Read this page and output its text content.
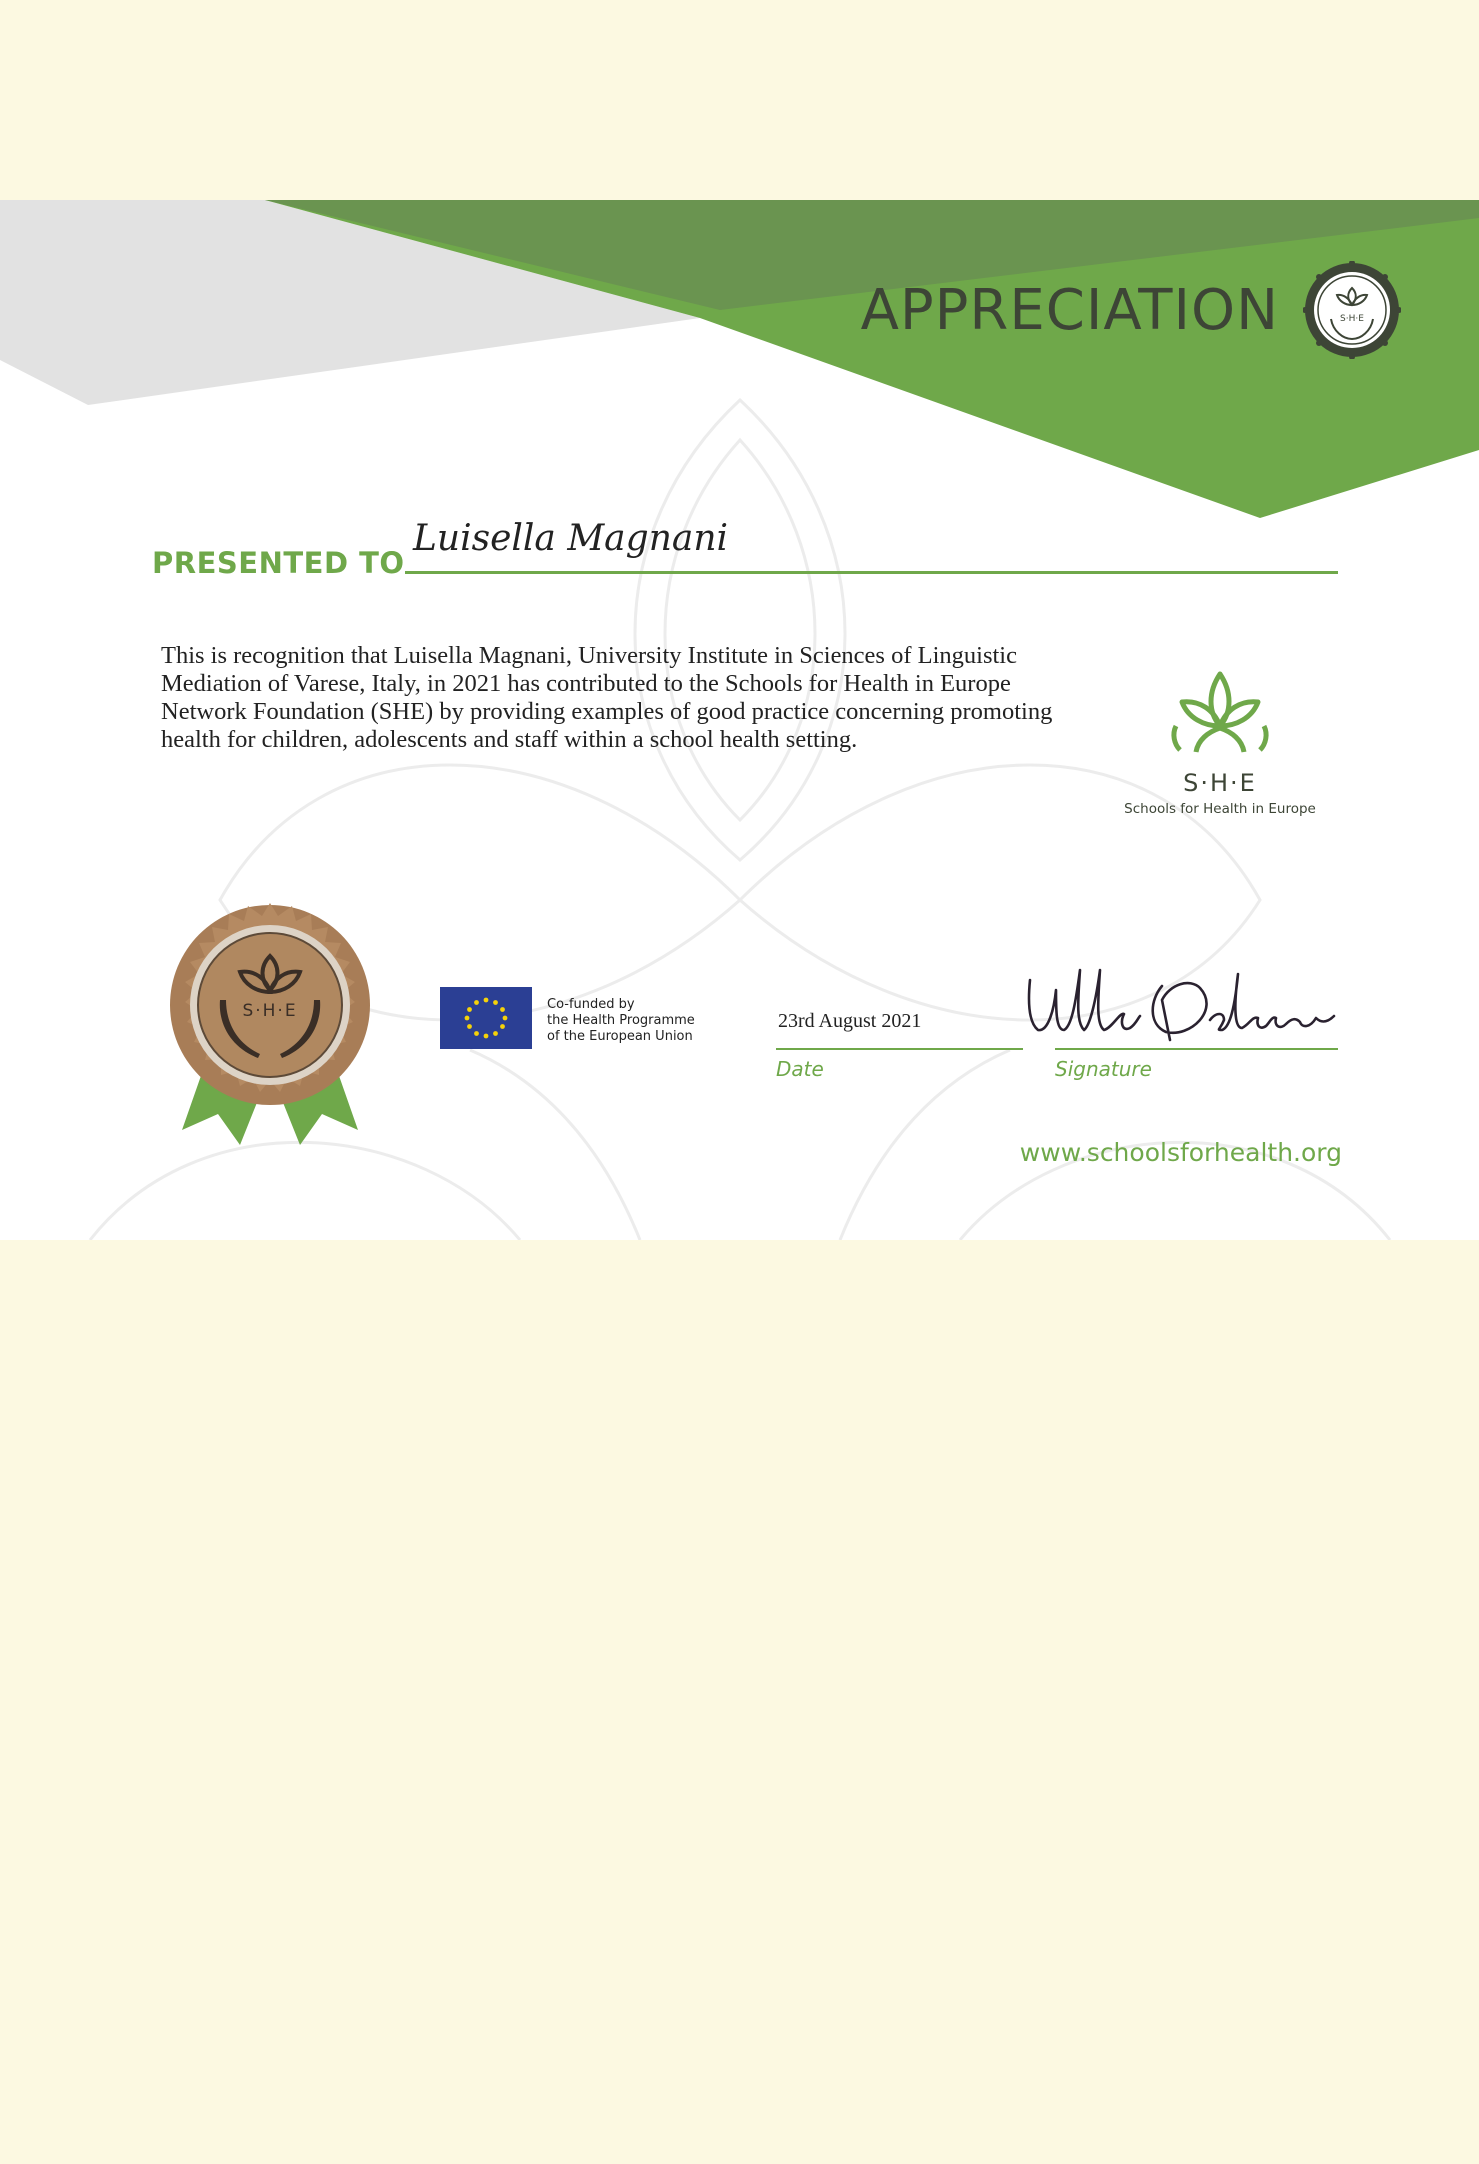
APPRECIATION	S·H·E
PRESENTED TO
Luisella Magnani
This is recognition that Luisella Magnani, University Institute in Sciences of Linguistic
Mediation of Varese, Italy, in 2021 has contributed to the Schools for Health in Europe
Network Foundation (SHE) by providing examples of good practice concerning promoting
health for children, adolescents and staff within a school health setting.
S·H·E
Schools for Health in Europe
S·H·E	Co-funded by
the Health Programme
of the European Union
23rd August 2021
Date	Signature
www.schoolsforhealth.org
